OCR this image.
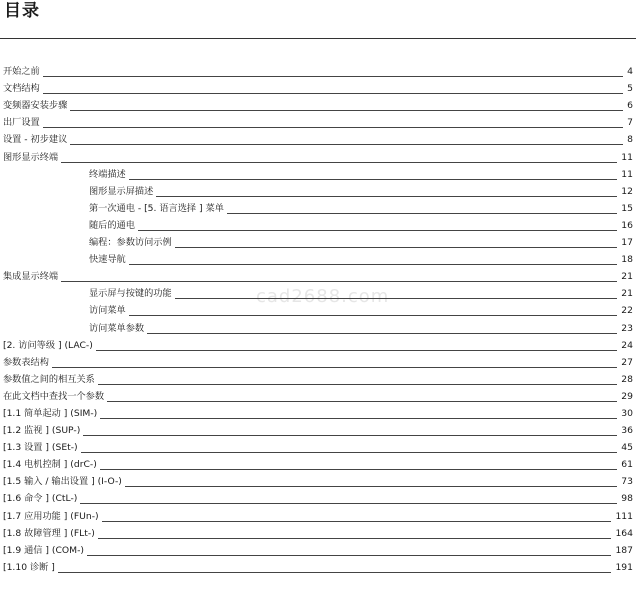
目录
cad2688.com
开始之前	4
文档结构	5
变频器安装步骤	6
出厂设置	7
设置 - 初步建议	8
图形显示终端	11
终端描述	11
图形显示屏描述	12
第一次通电 - [5. 语言选择 ] 菜单	15
随后的通电	16
编程：参数访问示例	17
快速导航	18
集成显示终端	21
显示屏与按键的功能	21
访问菜单	22
访问菜单参数	23
[2. 访问等级 ] (LAC-)	24
参数表结构	27
参数值之间的相互关系	28
在此文档中查找一个参数	29
[1.1 简单起动 ] (SIM-)	30
[1.2 监视 ] (SUP-)	36
[1.3 设置 ] (SEt-)	45
[1.4 电机控制 ] (drC-)	61
[1.5 输入 / 输出设置 ] (I-O-)	73
[1.6 命令 ] (CtL-)	98
[1.7 应用功能 ] (FUn-)	111
[1.8 故障管理 ] (FLt-)	164
[1.9 通信 ] (COM-)	187
[1.10 诊断 ]	191
